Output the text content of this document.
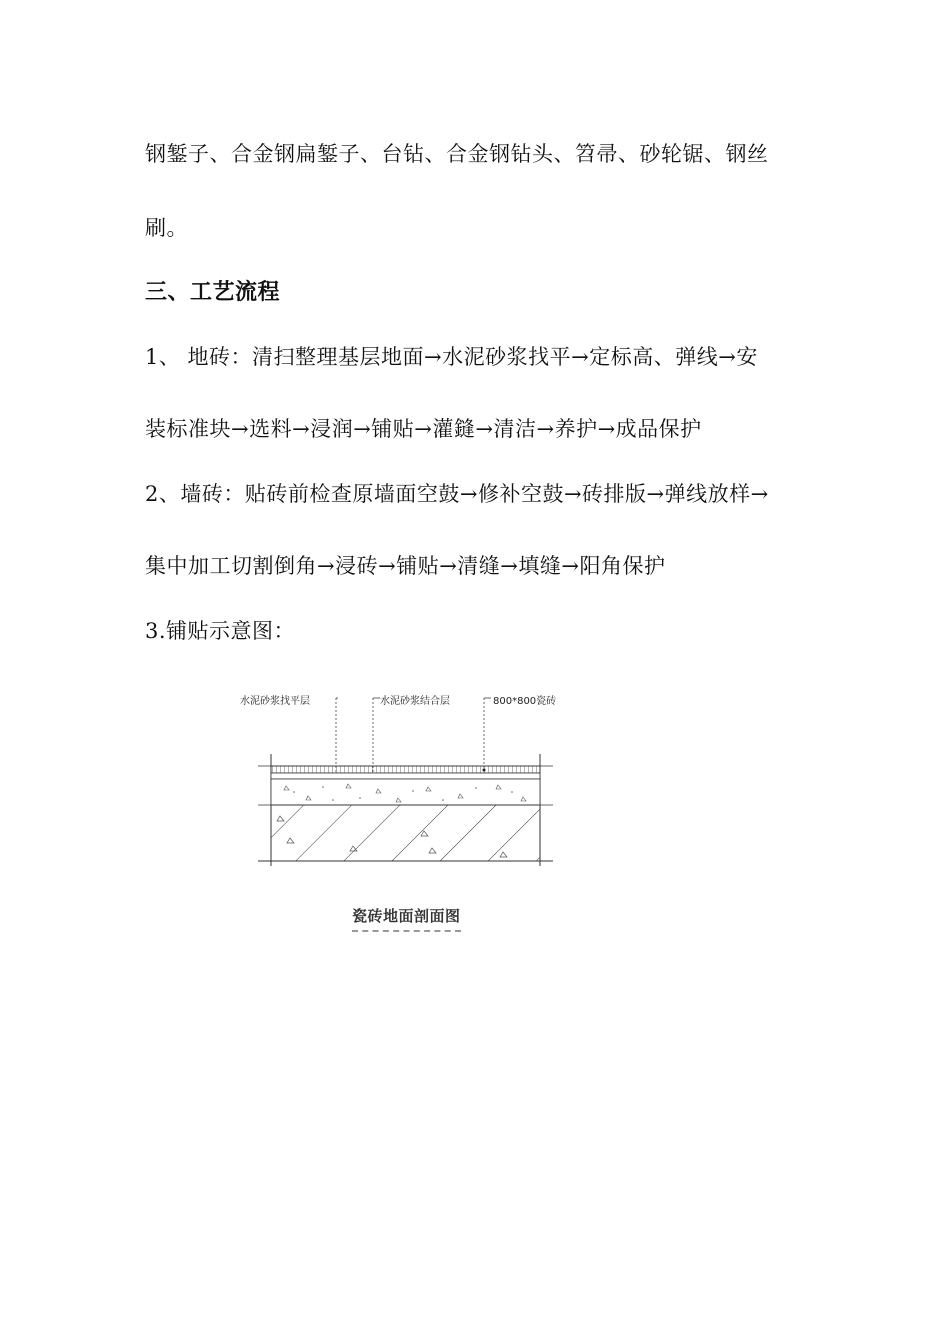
钢錾子、合金钢扁錾子、台钻、合金钢钻头、笤帚、砂轮锯、钢丝
刷。
三、工艺流程
1、 地砖：清扫整理基层地面→水泥砂浆找平→定标高、弹线→安
装标准块→选料→浸润→铺贴→灌鏠→清洁→养护→成品保护
2、墙砖：贴砖前检查原墙面空鼓→修补空鼓→砖排版→弹线放样→
集中加工切割倒角→浸砖→铺贴→清缝→填缝→阳角保护
3.铺贴示意图：
水泥砂浆找平层	水泥砂浆结合层	800*800瓷砖
瓷砖地面剖面图
